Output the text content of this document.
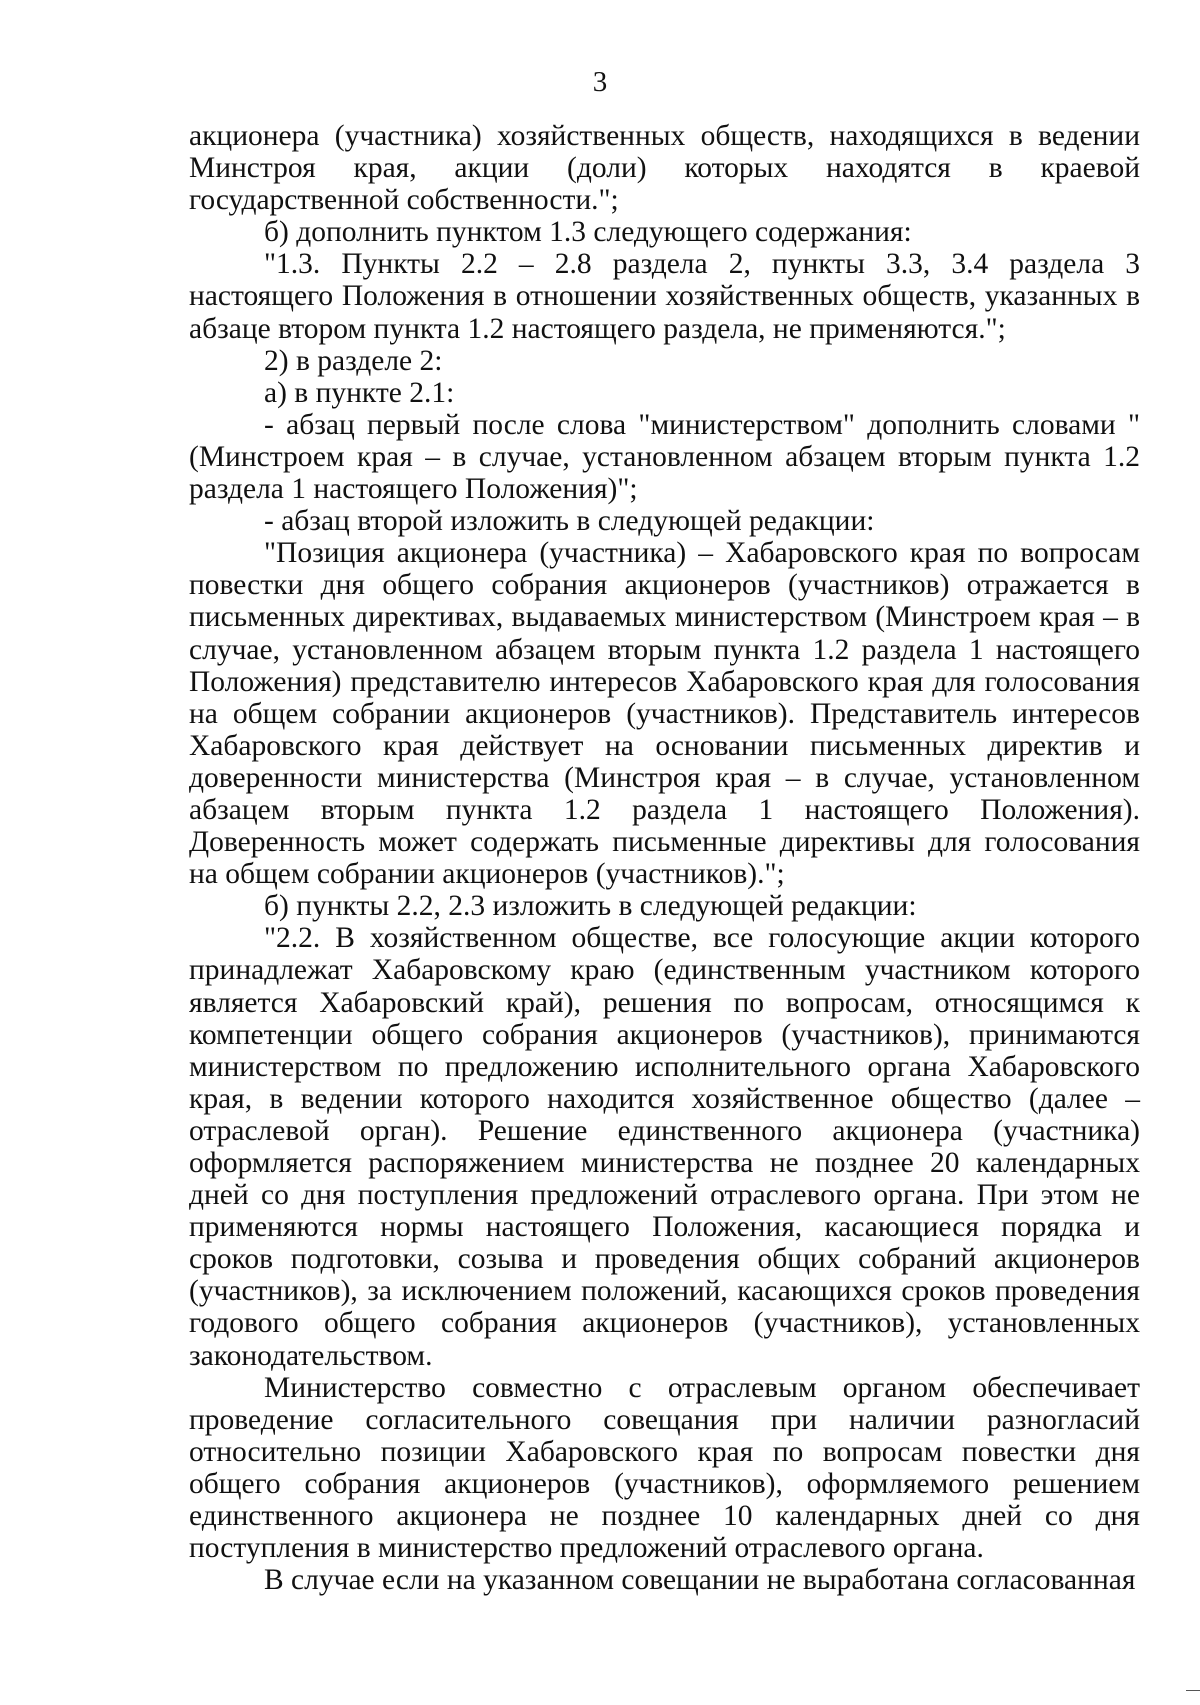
3

акционера (участника) хозяйственных обществ, находящихся в ведении Минстроя края, акции (доли) которых находятся в краевой государственной собственности.";

б) дополнить пунктом 1.3 следующего содержания:

"1.3. Пункты 2.2 – 2.8 раздела 2, пункты 3.3, 3.4 раздела 3 настоящего Положения в отношении хозяйственных обществ, указанных в абзаце втором пункта 1.2 настоящего раздела, не применяются.";

2) в разделе 2:

а) в пункте 2.1:

- абзац первый после слова "министерством" дополнить словами "(Минстроем края – в случае, установленном абзацем вторым пункта 1.2 раздела 1 настоящего Положения)";

- абзац второй изложить в следующей редакции:

"Позиция акционера (участника) – Хабаровского края по вопросам повестки дня общего собрания акционеров (участников) отражается в письменных директивах, выдаваемых министерством (Минстроем края – в случае, установленном абзацем вторым пункта 1.2 раздела 1 настоящего Положения) представителю интересов Хабаровского края для голосования на общем собрании акционеров (участников). Представитель интересов Хабаровского края действует на основании письменных директив и доверенности министерства (Минстроя края – в случае, установленном абзацем вторым пункта 1.2 раздела 1 настоящего Положения). Доверенность может содержать письменные директивы для голосования на общем собрании акционеров (участников).";

б) пункты 2.2, 2.3 изложить в следующей редакции:

"2.2. В хозяйственном обществе, все голосующие акции которого принадлежат Хабаровскому краю (единственным участником которого является Хабаровский край), решения по вопросам, относящимся к компетенции общего собрания акционеров (участников), принимаются министерством по предложению исполнительного органа Хабаровского края, в ведении которого находится хозяйственное общество (далее – отраслевой орган). Решение единственного акционера (участника) оформляется распоряжением министерства не позднее 20 календарных дней со дня поступления предложений отраслевого органа. При этом не применяются нормы настоящего Положения, касающиеся порядка и сроков подготовки, созыва и проведения общих собраний акционеров (участников), за исключением положений, касающихся сроков проведения годового общего собрания акционеров (участников), установленных законодательством.

Министерство совместно с отраслевым органом обеспечивает проведение согласительного совещания при наличии разногласий относительно позиции Хабаровского края по вопросам повестки дня общего собрания акционеров (участников), оформляемого решением единственного акционера не позднее 10 календарных дней со дня поступления в министерство предложений отраслевого органа.

В случае если на указанном совещании не выработана согласованная
